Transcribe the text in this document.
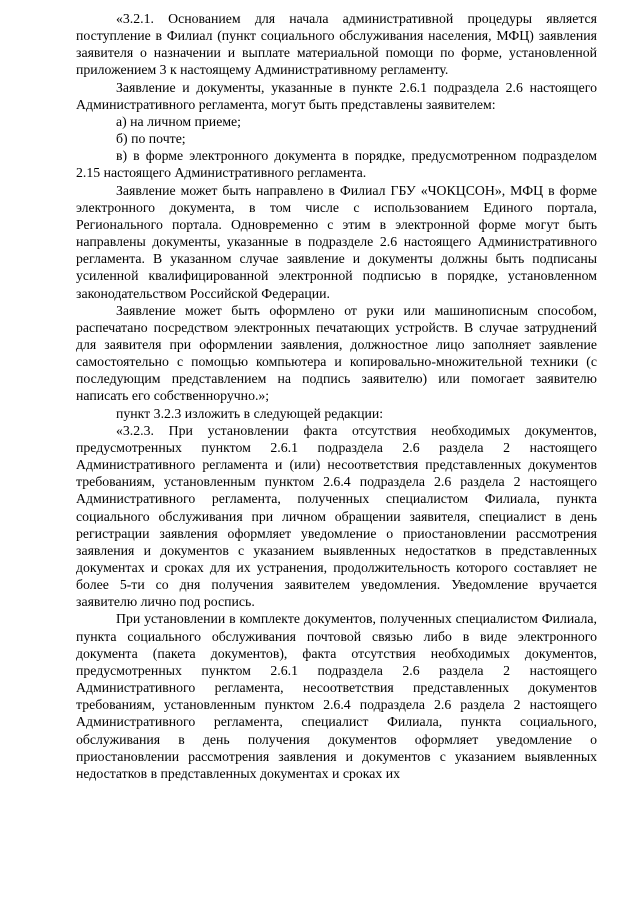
«3.2.1. Основанием для начала административной процедуры является поступление в Филиал (пункт социального обслуживания населения, МФЦ) заявления заявителя о назначении и выплате материальной помощи по форме, установленной приложением 3 к настоящему Административному регламенту.

Заявление и документы, указанные в пункте 2.6.1 подраздела 2.6 настоящего Административного регламента, могут быть представлены заявителем:

а) на личном приеме;

б) по почте;

в) в форме электронного документа в порядке, предусмотренном подразделом 2.15 настоящего Административного регламента.

Заявление может быть направлено в Филиал ГБУ «ЧОКЦСОН», МФЦ в форме электронного документа, в том числе с использованием Единого портала, Регионального портала. Одновременно с этим в электронной форме могут быть направлены документы, указанные в подразделе 2.6 настоящего Административного регламента. В указанном случае заявление и документы должны быть подписаны усиленной квалифицированной электронной подписью в порядке, установленном законодательством Российской Федерации.

Заявление может быть оформлено от руки или машинописным способом, распечатано посредством электронных печатающих устройств. В случае затруднений для заявителя при оформлении заявления, должностное лицо заполняет заявление самостоятельно с помощью компьютера и копировально-множительной техники (с последующим представлением на подпись заявителю) или помогает заявителю написать его собственноручно.»;

пункт 3.2.3 изложить в следующей редакции:

«3.2.3. При установлении факта отсутствия необходимых документов, предусмотренных пунктом 2.6.1 подраздела 2.6 раздела 2 настоящего Административного регламента и (или) несоответствия представленных документов требованиям, установленным пунктом 2.6.4 подраздела 2.6 раздела 2 настоящего Административного регламента, полученных специалистом Филиала, пункта социального обслуживания при личном обращении заявителя, специалист в день регистрации заявления оформляет уведомление о приостановлении рассмотрения заявления и документов с указанием выявленных недостатков в представленных документах и сроках для их устранения, продолжительность которого составляет не более 5-ти со дня получения заявителем уведомления. Уведомление вручается заявителю лично под роспись.

При установлении в комплекте документов, полученных специалистом Филиала, пункта социального обслуживания почтовой связью либо в виде электронного документа (пакета документов), факта отсутствия необходимых документов, предусмотренных пунктом 2.6.1 подраздела 2.6 раздела 2 настоящего Административного регламента, несоответствия представленных документов требованиям, установленным пунктом 2.6.4 подраздела 2.6 раздела 2 настоящего Административного регламента, специалист Филиала, пункта социального, обслуживания в день получения документов оформляет уведомление о приостановлении рассмотрения заявления и документов с указанием выявленных недостатков в представленных документах и сроках их
